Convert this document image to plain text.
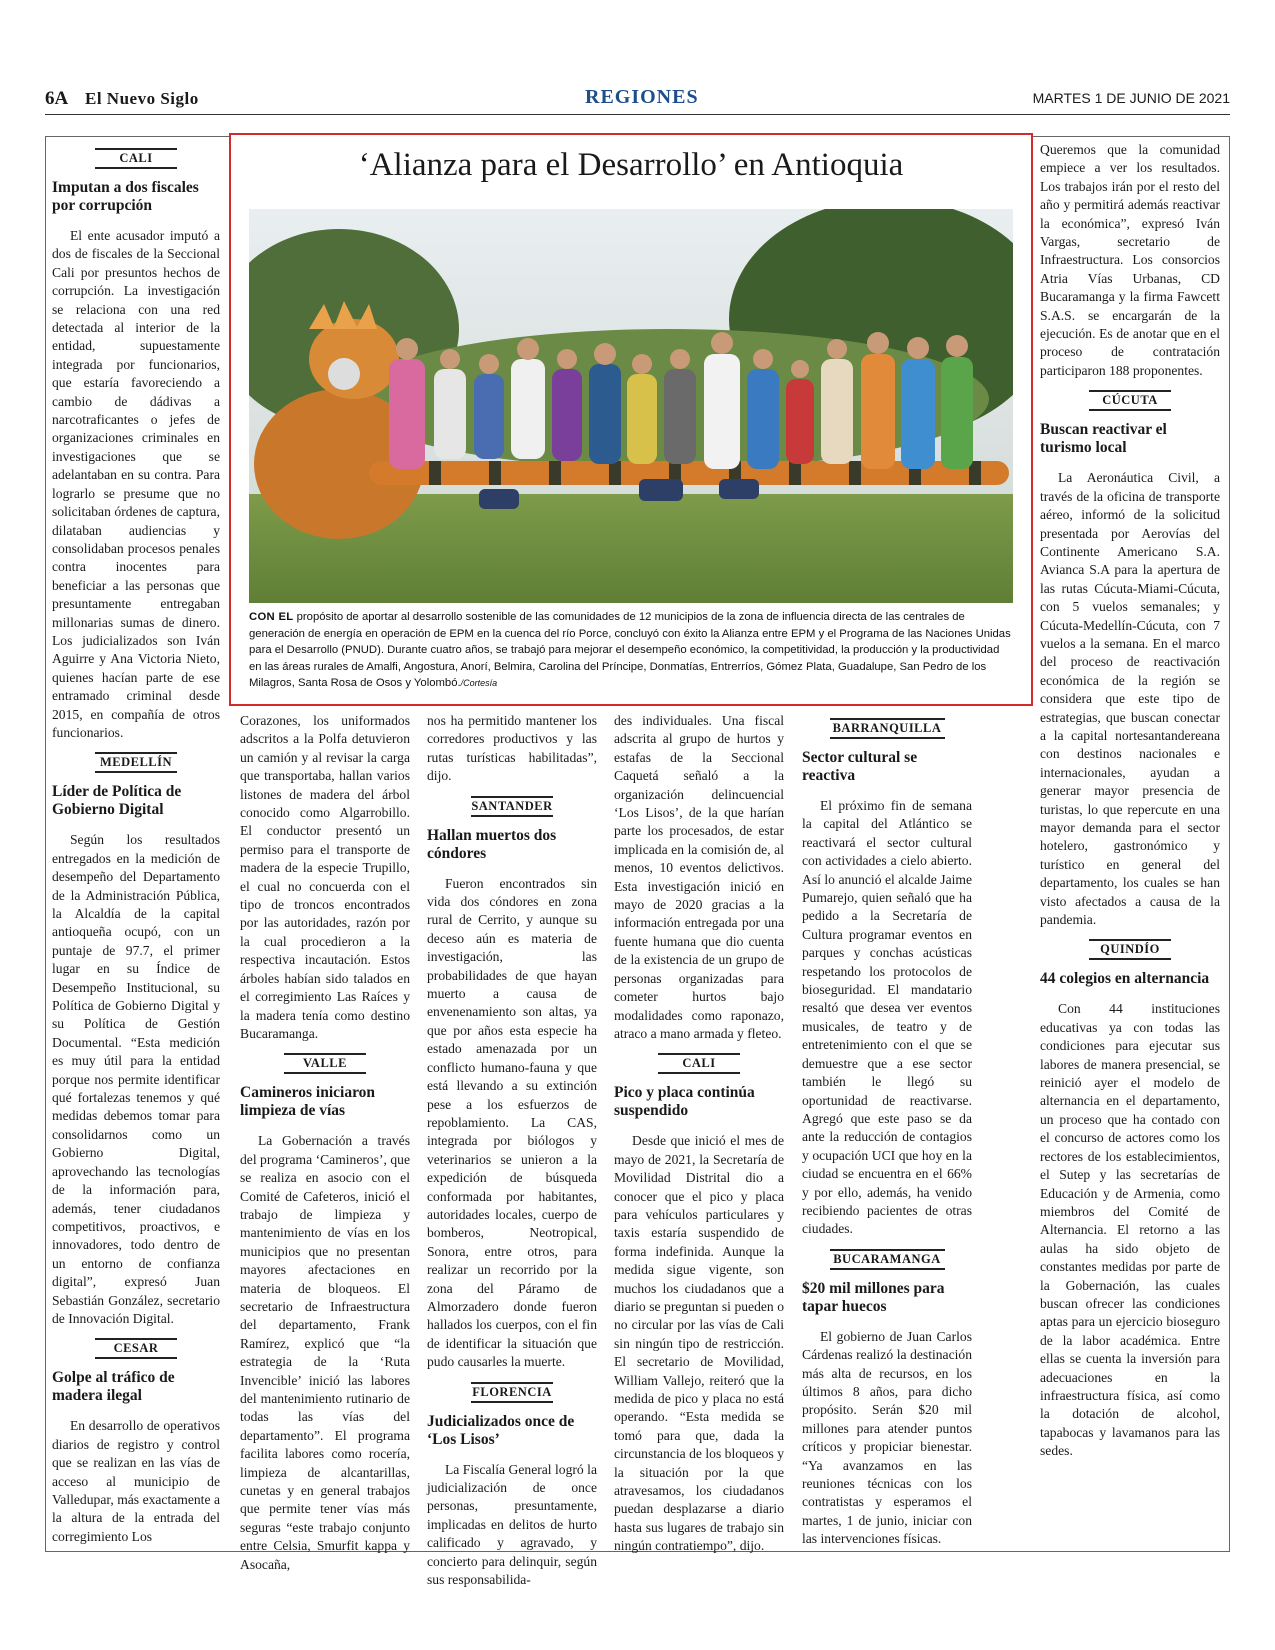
6A El Nuevo Siglo	REGIONES	MARTES 1 DE JUNIO DE 2021
CALI
Imputan a dos fiscales por corrupción

El ente acusador imputó a dos de fiscales de la Seccional Cali por presuntos hechos de corrupción. La investigación se relaciona con una red detectada al interior de la entidad, supuestamente integrada por funcionarios, que estaría favoreciendo a cambio de dádivas a narcotraficantes o jefes de organizaciones criminales en investigaciones que se adelantaban en su contra. Para lograrlo se presume que no solicitaban órdenes de captura, dilataban audiencias y consolidaban procesos penales contra inocentes para beneficiar a las personas que presuntamente entregaban millonarias sumas de dinero. Los judicializados son Iván Aguirre y Ana Victoria Nieto, quienes hacían parte de ese entramado criminal desde 2015, en compañía de otros funcionarios.

MEDELLÍN
Líder de Política de Gobierno Digital

Según los resultados entregados en la medición de desempeño del Departamento de la Administración Pública, la Alcaldía de la capital antioqueña ocupó, con un puntaje de 97.7, el primer lugar en su Índice de Desempeño Institucional, su Política de Gobierno Digital y su Política de Gestión Documental. “Esta medición es muy útil para la entidad porque nos permite identificar qué fortalezas tenemos y qué medidas debemos tomar para consolidarnos como un Gobierno Digital, aprovechando las tecnologías de la información para, además, tener ciudadanos competitivos, proactivos, e innovadores, todo dentro de un entorno de confianza digital”, expresó Juan Sebastián González, secretario de Innovación Digital.

CESAR
Golpe al tráfico de madera ilegal

En desarrollo de operativos diarios de registro y control que se realizan en las vías de acceso al municipio de Valledupar, más exactamente a la altura de la entrada del corregimiento Los

Corazones, los uniformados adscritos a la Polfa detuvieron un camión y al revisar la carga que transportaba, hallan varios listones de madera del árbol conocido como Algarrobillo. El conductor presentó un permiso para el transporte de madera de la especie Trupillo, el cual no concuerda con el tipo de troncos encontrados por las autoridades, razón por la cual procedieron a la respectiva incautación. Estos árboles habían sido talados en el corregimiento Las Raíces y la madera tenía como destino Bucaramanga.

VALLE
Camineros iniciaron limpieza de vías

La Gobernación a través del programa ‘Camineros’, que se realiza en asocio con el Comité de Cafeteros, inició el trabajo de limpieza y mantenimiento de vías en los municipios que no presentan mayores afectaciones en materia de bloqueos. El secretario de Infraestructura del departamento, Frank Ramírez, explicó que “la estrategia de la ‘Ruta Invencible’ inició las labores del mantenimiento rutinario de todas las vías del departamento”. El programa facilita labores como rocería, limpieza de alcantarillas, cunetas y en general trabajos que permite tener vías más seguras “este trabajo conjunto entre Celsia, Smurfit kappa y Asocaña,

nos ha permitido mantener los corredores productivos y las rutas turísticas habilitadas”, dijo.

SANTANDER
Hallan muertos dos cóndores

Fueron encontrados sin vida dos cóndores en zona rural de Cerrito, y aunque su deceso aún es materia de investigación, las probabilidades de que hayan muerto a causa de envenenamiento son altas, ya que por años esta especie ha estado amenazada por un conflicto humano-fauna y que está llevando a su extinción pese a los esfuerzos de repoblamiento. La CAS, integrada por biólogos y veterinarios se unieron a la expedición de búsqueda conformada por habitantes, autoridades locales, cuerpo de bomberos, Neotropical, Sonora, entre otros, para realizar un recorrido por la zona del Páramo de Almorzadero donde fueron hallados los cuerpos, con el fin de identificar la situación que pudo causarles la muerte.

FLORENCIA
Judicializados once de ‘Los Lisos’

La Fiscalía General logró la judicialización de once personas, presuntamente, implicadas en delitos de hurto calificado y agravado, y concierto para delinquir, según sus responsabilida-

des individuales. Una fiscal adscrita al grupo de hurtos y estafas de la Seccional Caquetá señaló a la organización delincuencial ‘Los Lisos’, de la que harían parte los procesados, de estar implicada en la comisión de, al menos, 10 eventos delictivos. Esta investigación inició en mayo de 2020 gracias a la información entregada por una fuente humana que dio cuenta de la existencia de un grupo de personas organizadas para cometer hurtos bajo modalidades como raponazo, atraco a mano armada y fleteo.

CALI
Pico y placa continúa suspendido

Desde que inició el mes de mayo de 2021, la Secretaría de Movilidad Distrital dio a conocer que el pico y placa para vehículos particulares y taxis estaría suspendido de forma indefinida. Aunque la medida sigue vigente, son muchos los ciudadanos que a diario se preguntan si pueden o no circular por las vías de Cali sin ningún tipo de restricción. El secretario de Movilidad, William Vallejo, reiteró que la medida de pico y placa no está operando. “Esta medida se tomó para que, dada la circunstancia de los bloqueos y la situación por la que atravesamos, los ciudadanos puedan desplazarse a diario hasta sus lugares de trabajo sin ningún contratiempo”, dijo.

BARRANQUILLA
Sector cultural se reactiva

El próximo fin de semana la capital del Atlántico se reactivará el sector cultural con actividades a cielo abierto. Así lo anunció el alcalde Jaime Pumarejo, quien señaló que ha pedido a la Secretaría de Cultura programar eventos en parques y conchas acústicas respetando los protocolos de bioseguridad. El mandatario resaltó que desea ver eventos musicales, de teatro y de entretenimiento con el que se demuestre que a ese sector también le llegó su oportunidad de reactivarse. Agregó que este paso se da ante la reducción de contagios y ocupación UCI que hoy en la ciudad se encuentra en el 66% y por ello, además, ha venido recibiendo pacientes de otras ciudades.

BUCARAMANGA
$20 mil millones para tapar huecos

El gobierno de Juan Carlos Cárdenas realizó la destinación más alta de recursos, en los últimos 8 años, para dicho propósito. Serán $20 mil millones para atender puntos críticos y propiciar bienestar. “Ya avanzamos en las reuniones técnicas con los contratistas y esperamos el martes, 1 de junio, iniciar con las intervenciones físicas.

Queremos que la comunidad empiece a ver los resultados. Los trabajos irán por el resto del año y permitirá además reactivar la económica”, expresó Iván Vargas, secretario de Infraestructura. Los consorcios Atria Vías Urbanas, CD Bucaramanga y la firma Fawcett S.A.S. se encargarán de la ejecución. Es de anotar que en el proceso de contratación participaron 188 proponentes.

CÚCUTA
Buscan reactivar el turismo local

La Aeronáutica Civil, a través de la oficina de transporte aéreo, informó de la solicitud presentada por Aerovías del Continente Americano S.A. Avianca S.A para la apertura de las rutas Cúcuta-Miami-Cúcuta, con 5 vuelos semanales; y Cúcuta-Medellín-Cúcuta, con 7 vuelos a la semana. En el marco del proceso de reactivación económica de la región se considera que este tipo de estrategias, que buscan conectar a la capital nortesantandereana con destinos nacionales e internacionales, ayudan a generar mayor presencia de turistas, lo que repercute en una mayor demanda para el sector hotelero, gastronómico y turístico en general del departamento, los cuales se han visto afectados a causa de la pandemia.

QUINDÍO
44 colegios en alternancia

Con 44 instituciones educativas ya con todas las condiciones para ejecutar sus labores de manera presencial, se reinició ayer el modelo de alternancia en el departamento, un proceso que ha contado con el concurso de actores como los rectores de los establecimientos, el Sutep y las secretarías de Educación y de Armenia, como miembros del Comité de Alternancia. El retorno a las aulas ha sido objeto de constantes medidas por parte de la Gobernación, las cuales buscan ofrecer las condiciones aptas para un ejercicio bioseguro de la labor académica. Entre ellas se cuenta la inversión para adecuaciones en la infraestructura física, así como la dotación de alcohol, tapabocas y lavamanos para las sedes.

‘Alianza para el Desarrollo’ en Antioquia
CON EL propósito de aportar al desarrollo sostenible de las comunidades de 12 municipios de la zona de influencia directa de las centrales de generación de energía en operación de EPM en la cuenca del río Porce, concluyó con éxito la Alianza entre EPM y el Programa de las Naciones Unidas para el Desarrollo (PNUD). Durante cuatro años, se trabajó para mejorar el desempeño económico, la competitividad, la producción y la productividad en las áreas rurales de Amalfi, Angostura, Anorí, Belmira, Carolina del Príncipe, Donmatías, Entrerríos, Gómez Plata, Guadalupe, San Pedro de los Milagros, Santa Rosa de Osos y Yolombó./Cortesía
